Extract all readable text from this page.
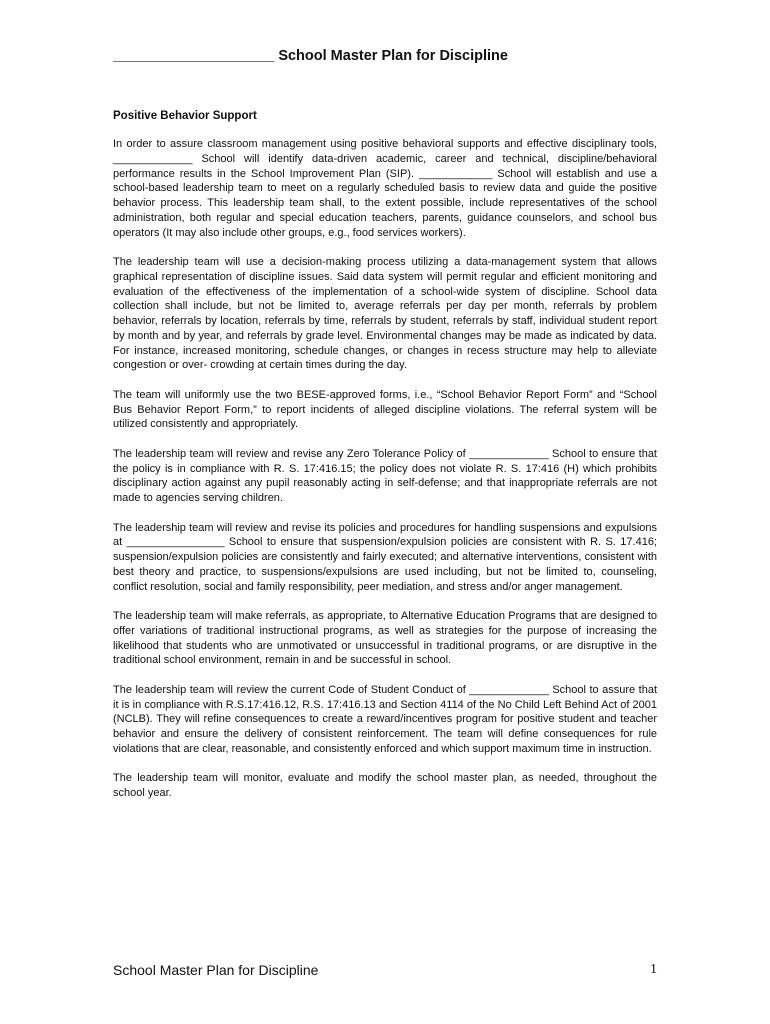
____________________ School Master Plan for Discipline
Positive Behavior Support

In order to assure classroom management using positive behavioral supports and effective disciplinary tools, _____________ School will identify data-driven academic, career and technical, discipline/behavioral performance results in the School Improvement Plan (SIP). ____________ School will establish and use a school-based leadership team to meet on a regularly scheduled basis to review data and guide the positive behavior process. This leadership team shall, to the extent possible, include representatives of the school administration, both regular and special education teachers, parents, guidance counselors, and school bus operators (It may also include other groups, e.g., food services workers).

The leadership team will use a decision-making process utilizing a data-management system that allows graphical representation of discipline issues. Said data system will permit regular and efficient monitoring and evaluation of the effectiveness of the implementation of a school-wide system of discipline. School data collection shall include, but not be limited to, average referrals per day per month, referrals by problem behavior, referrals by location, referrals by time, referrals by student, referrals by staff, individual student report by month and by year, and referrals by grade level. Environmental changes may be made as indicated by data. For instance, increased monitoring, schedule changes, or changes in recess structure may help to alleviate congestion or over- crowding at certain times during the day.

The team will uniformly use the two BESE-approved forms, i.e., “School Behavior Report Form” and “School Bus Behavior Report Form,” to report incidents of alleged discipline violations. The referral system will be utilized consistently and appropriately.

The leadership team will review and revise any Zero Tolerance Policy of _____________ School to ensure that the policy is in compliance with R. S. 17:416.15; the policy does not violate R. S. 17:416 (H) which prohibits disciplinary action against any pupil reasonably acting in self-defense; and that inappropriate referrals are not made to agencies serving children.

The leadership team will review and revise its policies and procedures for handling suspensions and expulsions at ________________ School to ensure that suspension/expulsion policies are consistent with R. S. 17.416; suspension/expulsion policies are consistently and fairly executed; and alternative interventions, consistent with best theory and practice, to suspensions/expulsions are used including, but not be limited to, counseling, conflict resolution, social and family responsibility, peer mediation, and stress and/or anger management.

The leadership team will make referrals, as appropriate, to Alternative Education Programs that are designed to offer variations of traditional instructional programs, as well as strategies for the purpose of increasing the likelihood that students who are unmotivated or unsuccessful in traditional programs, or are disruptive in the traditional school environment, remain in and be successful in school.

The leadership team will review the current Code of Student Conduct of _____________ School to assure that it is in compliance with R.S.17:416.12, R.S. 17:416.13 and Section 4114 of the No Child Left Behind Act of 2001 (NCLB). They will refine consequences to create a reward/incentives program for positive student and teacher behavior and ensure the delivery of consistent reinforcement. The team will define consequences for rule violations that are clear, reasonable, and consistently enforced and which support maximum time in instruction.

The leadership team will monitor, evaluate and modify the school master plan, as needed, throughout the school year.

School Master Plan for Discipline	1
